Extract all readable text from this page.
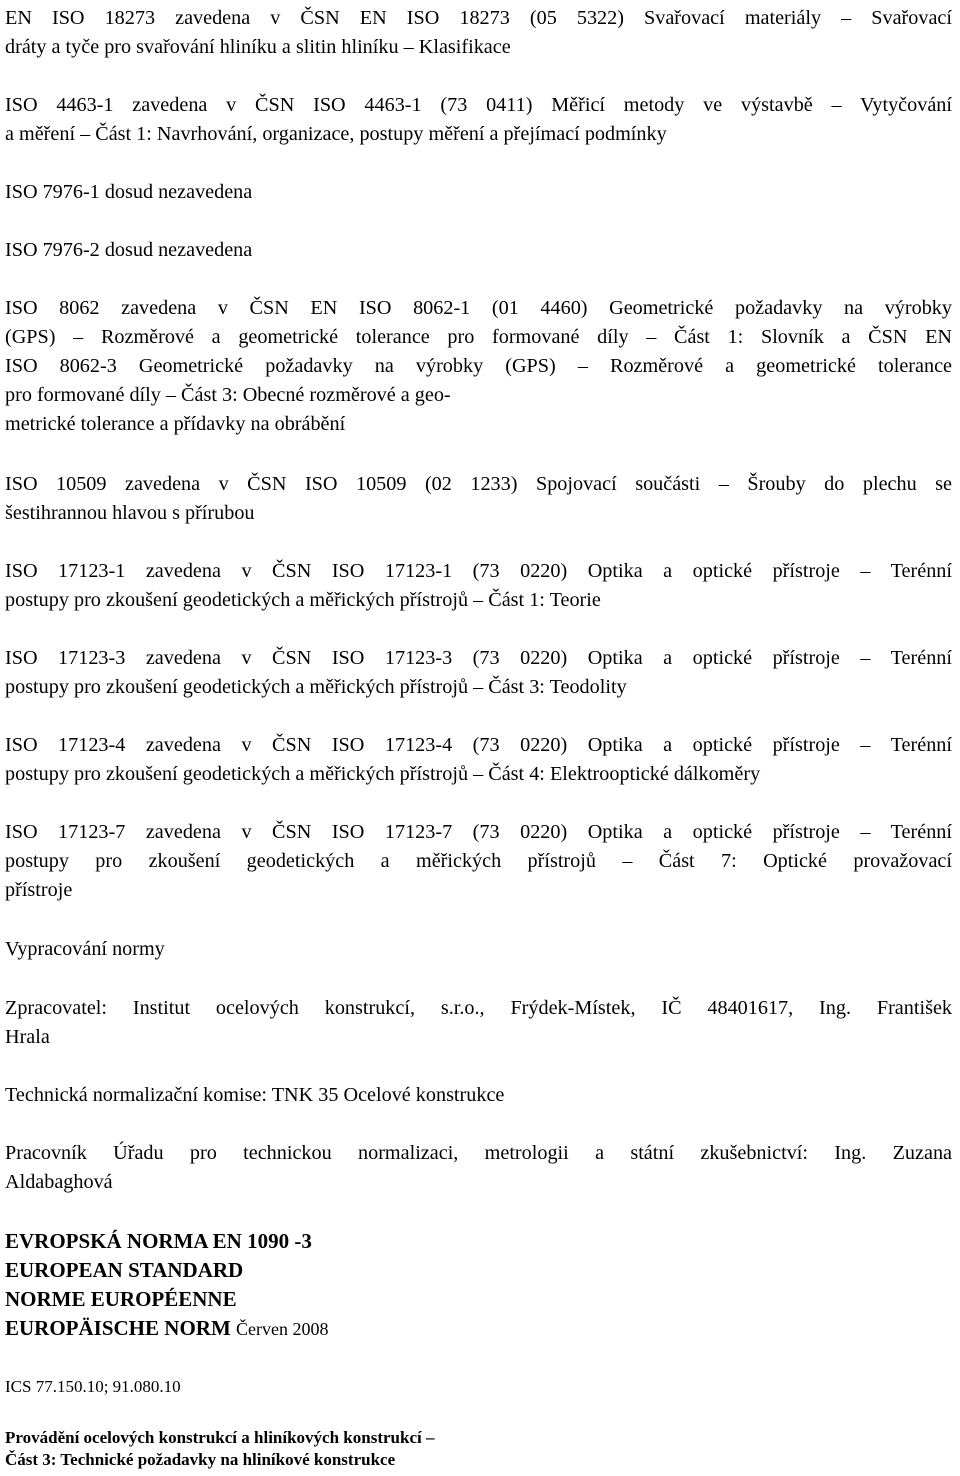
EN ISO 18273 zavedena v ČSN EN ISO 18273 (05 5322) Svařovací materiály – Svařovací
dráty a tyče pro svařování hliníku a slitin hliníku – Klasifikace
ISO 4463-1 zavedena v ČSN ISO 4463-1 (73 0411) Měřicí metody ve výstavbě – Vytyčování
a měření – Část 1: Navrhování, organizace, postupy měření a přejímací podmínky
ISO 7976-1 dosud nezavedena
ISO 7976-2 dosud nezavedena
ISO 8062 zavedena v ČSN EN ISO 8062-1 (01 4460) Geometrické požadavky na výrobky
(GPS) – Rozměrové a geometrické tolerance pro formované díly – Část 1: Slovník a ČSN EN
ISO 8062-3 Geometrické požadavky na výrobky (GPS) – Rozměrové a geometrické tolerance
pro formované díly – Část 3: Obecné rozměrové a geo-
metrické tolerance a přídavky na obrábění
ISO 10509 zavedena v ČSN ISO 10509 (02 1233) Spojovací součásti – Šrouby do plechu se
šestihrannou hlavou s přírubou
ISO 17123-1 zavedena v ČSN ISO 17123-1 (73 0220) Optika a optické přístroje – Terénní
postupy pro zkoušení geodetických a měřických přístrojů – Část 1: Teorie
ISO 17123-3 zavedena v ČSN ISO 17123-3 (73 0220) Optika a optické přístroje – Terénní
postupy pro zkoušení geodetických a měřických přístrojů – Část 3: Teodolity
ISO 17123-4 zavedena v ČSN ISO 17123-4 (73 0220) Optika a optické přístroje – Terénní
postupy pro zkoušení geodetických a měřických přístrojů – Část 4: Elektrooptické dálkoměry
ISO 17123-7 zavedena v ČSN ISO 17123-7 (73 0220) Optika a optické přístroje – Terénní
postupy pro zkoušení geodetických a měřických přístrojů – Část 7: Optické provažovací
přístroje
Vypracování normy
Zpracovatel: Institut ocelových konstrukcí, s.r.o., Frýdek-Místek, IČ 48401617, Ing. František
Hrala
Technická normalizační komise: TNK 35 Ocelové konstrukce
Pracovník Úřadu pro technickou normalizaci, metrologii a státní zkušebnictví: Ing. Zuzana
Aldabaghová
EVROPSKÁ NORMA EN 1090 -3
EUROPEAN STANDARD
NORME EUROPÉENNE
EUROPÄISCHE NORM Červen 2008
ICS 77.150.10; 91.080.10
Provádění ocelových konstrukcí a hliníkových konstrukcí –
Část 3: Technické požadavky na hliníkové konstrukce
